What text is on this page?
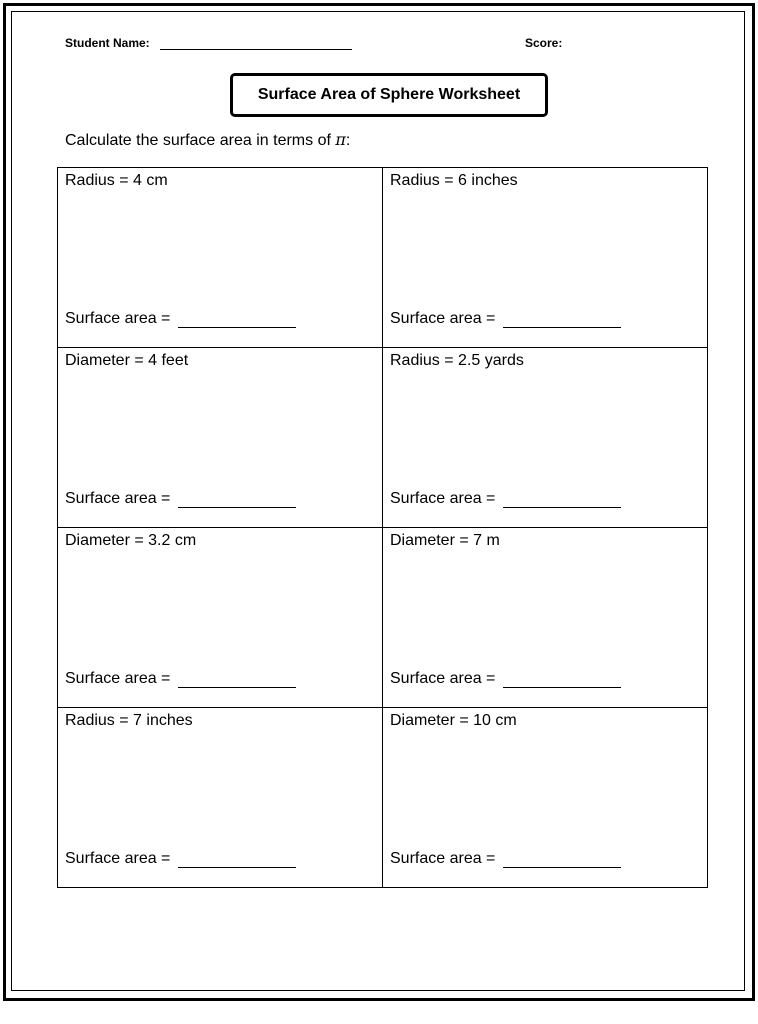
Student Name:	Score:
Surface Area of Sphere Worksheet
Calculate the surface area in terms of π:
Radius = 4 cm
Surface area =
Radius = 6 inches
Surface area =
Diameter = 4 feet
Surface area =
Radius = 2.5 yards
Surface area =
Diameter = 3.2 cm
Surface area =
Diameter = 7 m
Surface area =
Radius = 7 inches
Surface area =
Diameter = 10 cm
Surface area =
